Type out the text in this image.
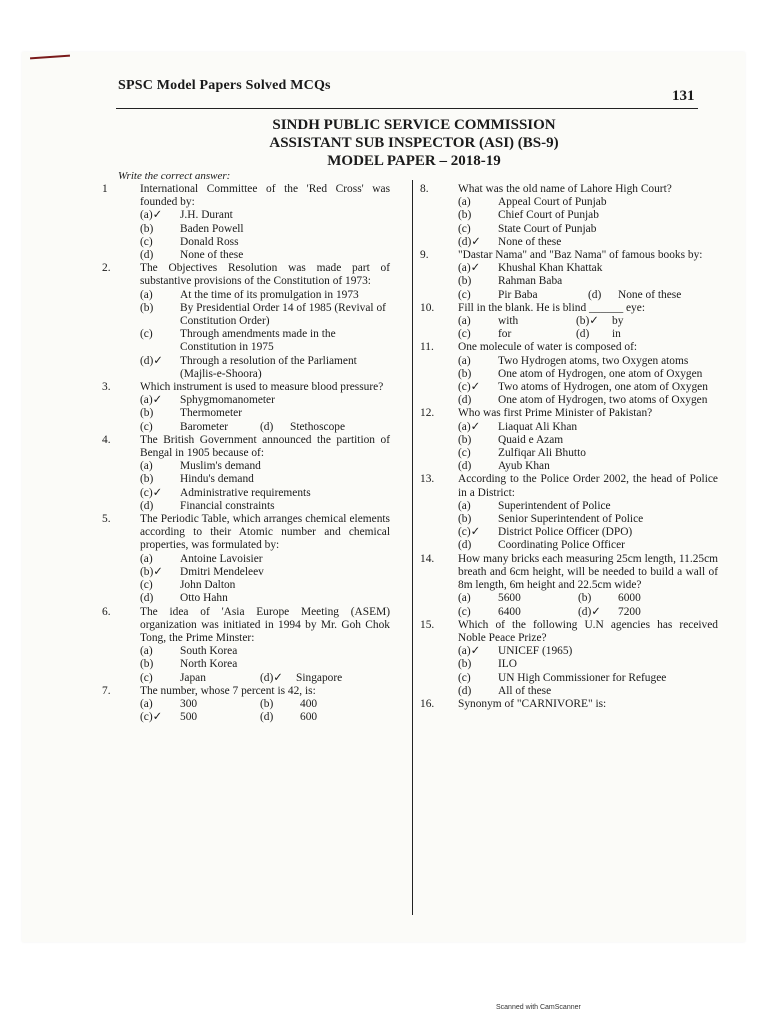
SPSC Model Papers Solved MCQs
131
SINDH PUBLIC SERVICE COMMISSION
ASSISTANT SUB INSPECTOR (ASI) (BS-9)
MODEL PAPER – 2018-19
Write the correct answer:
1	International Committee of the 'Red Cross' was founded by:
(a)✓ J.H. Durant
(b) Baden Powell
(c) Donald Ross
(d) None of these
2.	The Objectives Resolution was made part of substantive provisions of the Constitution of 1973:
(a) At the time of its promulgation in 1973
(b) By Presidential Order 14 of 1985 (Revival of Constitution Order)
(c) Through amendments made in the Constitution in 1975
(d)✓ Through a resolution of the Parliament (Majlis-e-Shoora)
3.	Which instrument is used to measure blood pressure?
(a)✓ Sphygmomanometer
(b) Thermometer
(c)	Barometer	(d)	Stethoscope
4.	The British Government announced the partition of Bengal in 1905 because of:
(a) Muslim's demand
(b) Hindu's demand
(c)✓ Administrative requirements
(d) Financial constraints
5.	The Periodic Table, which arranges chemical elements according to their Atomic number and chemical properties, was formulated by:
(a) Antoine Lavoisier
(b)✓ Dmitri Mendeleev
(c) John Dalton
(d) Otto Hahn
6.	The idea of 'Asia Europe Meeting (ASEM) organization was initiated in 1994 by Mr. Goh Chok Tong, the Prime Minster:
(a) South Korea
(b) North Korea
(c)	Japan	(d)✓	Singapore
7.	The number, whose 7 percent is 42, is:
(a)	300	(b)	400
(c)✓	500	(d)	600
8.	What was the old name of Lahore High Court?
(a) Appeal Court of Punjab
(b) Chief Court of Punjab
(c) State Court of Punjab
(d)✓ None of these
9.	"Dastar Nama" and "Baz Nama" of famous books by:
(a)✓ Khushal Khan Khattak
(b) Rahman Baba
(c)	Pir Baba	(d)	None of these
10. Fill in the blank. He is blind ______ eye:
(a)	with	(b)✓	by
(c)	for	(d)	in
11. One molecule of water is composed of:
(a) Two Hydrogen atoms, two Oxygen atoms
(b) One atom of Hydrogen, one atom of Oxygen
(c)✓ Two atoms of Hydrogen, one atom of Oxygen
(d) One atom of Hydrogen, two atoms of Oxygen
12. Who was first Prime Minister of Pakistan?
(a)✓ Liaquat Ali Khan
(b) Quaid e Azam
(c) Zulfiqar Ali Bhutto
(d) Ayub Khan
13. According to the Police Order 2002, the head of Police in a District:
(a) Superintendent of Police
(b) Senior Superintendent of Police
(c)✓ District Police Officer (DPO)
(d) Coordinating Police Officer
14. How many bricks each measuring 25cm length, 11.25cm breath and 6cm height, will be needed to build a wall of 8m length, 6m height and 22.5cm wide?
(a)	5600	(b)	6000
(c)	6400	(d)✓	7200
15. Which of the following U.N agencies has received Noble Peace Prize?
(a)✓ UNICEF (1965)
(b) ILO
(c) UN High Commissioner for Refugee
(d) All of these
16. Synonym of "CARNIVORE" is:
Scanned with CamScanner
